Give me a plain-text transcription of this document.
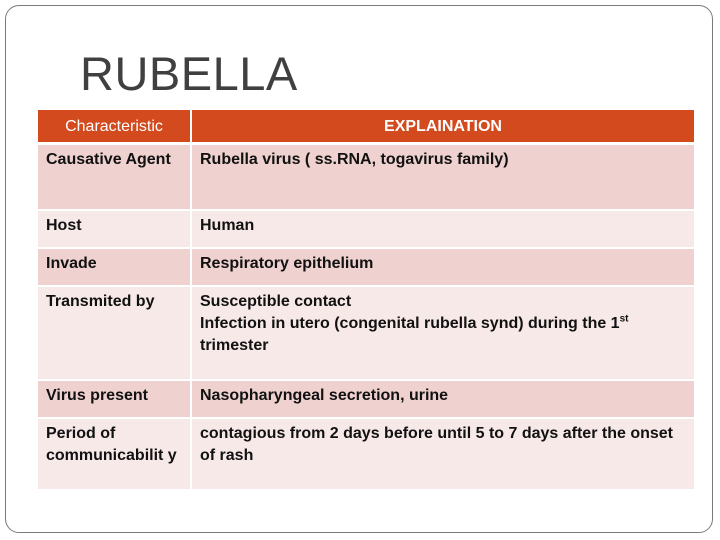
RUBELLA
Characteristic	EXPLAINATION
Causative Agent	Rubella virus ( ss.RNA, togavirus family)
Host	Human
Invade	Respiratory epithelium
Transmited by	Susceptible contact
Infection in utero (congenital rubella synd) during the 1st
trimester

Virus present	Nasopharyngeal secretion, urine
Period of communicabilit y	contagious from 2 days before until 5 to 7 days after the onset of rash
